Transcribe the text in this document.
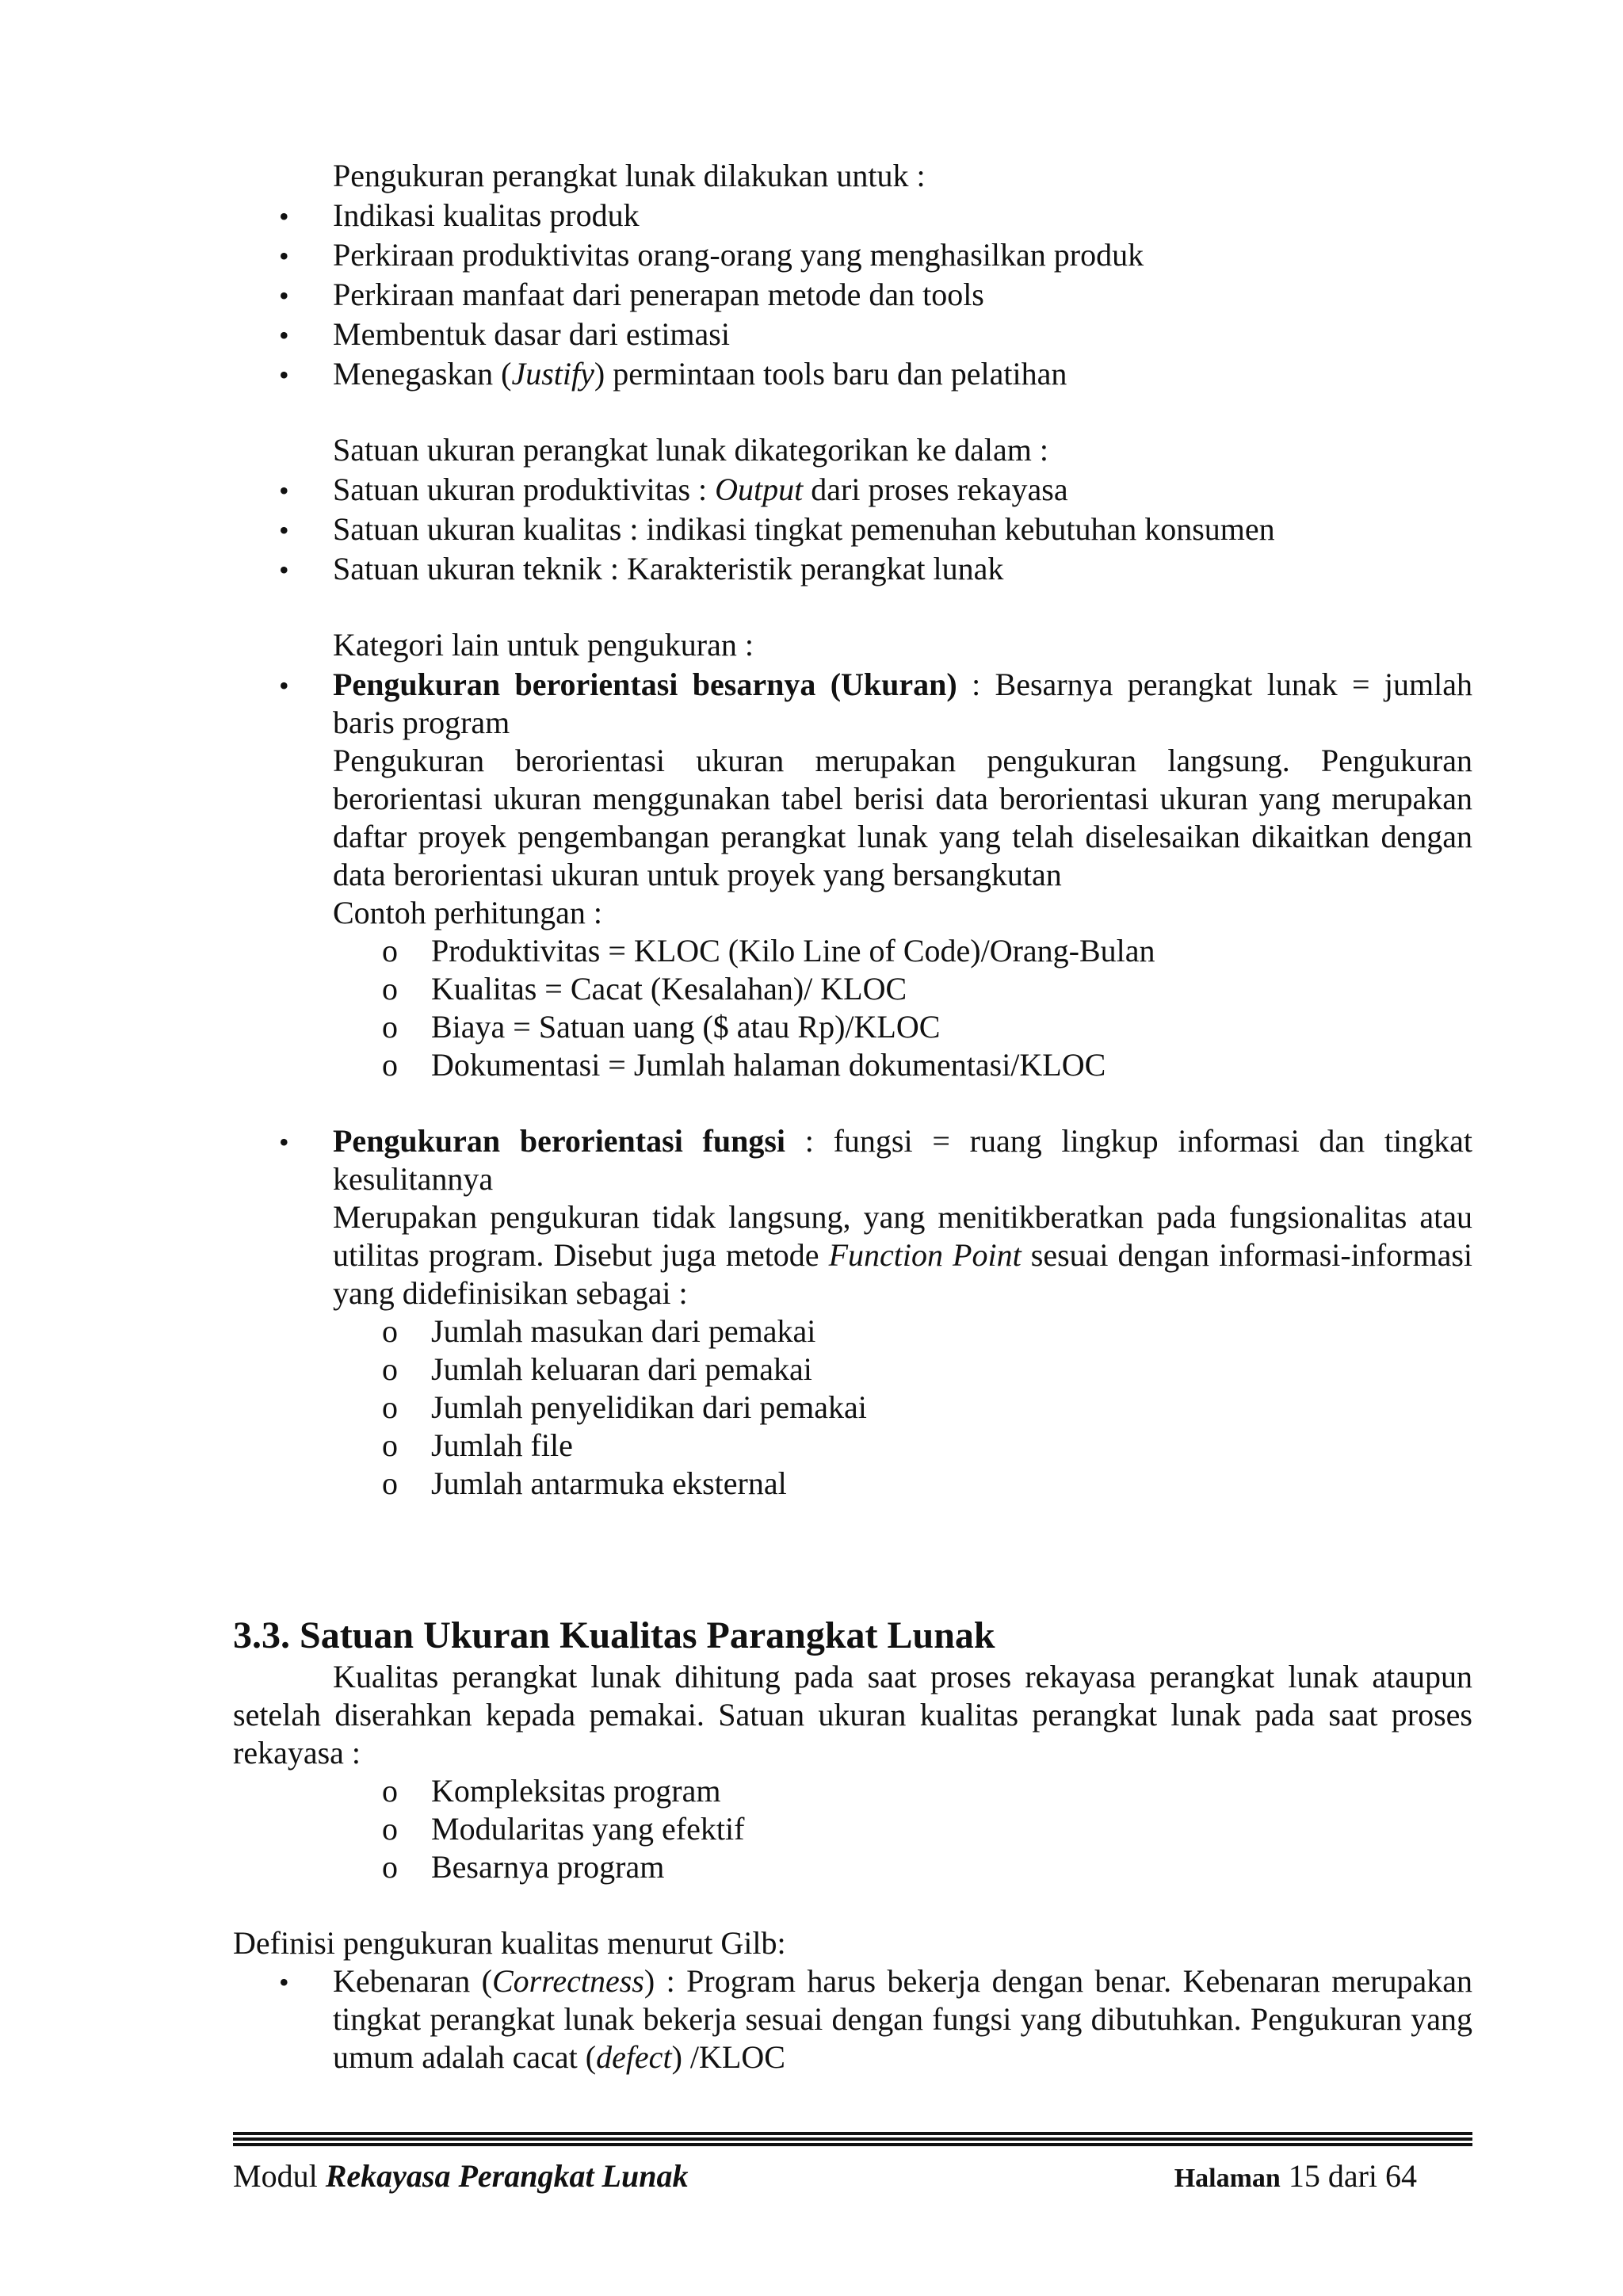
Pengukuran perangkat lunak dilakukan untuk :

•
Indikasi kualitas produk
•
Perkiraan produktivitas orang-orang yang menghasilkan produk
•
Perkiraan manfaat dari penerapan metode dan tools
•
Membentuk dasar dari estimasi
•
Menegaskan (Justify) permintaan tools baru dan pelatihan

Satuan ukuran perangkat lunak dikategorikan ke dalam :

•
Satuan ukuran produktivitas : Output dari proses rekayasa
•
Satuan ukuran kualitas : indikasi tingkat pemenuhan kebutuhan konsumen
•
Satuan ukuran teknik : Karakteristik perangkat lunak

Kategori lain untuk pengukuran :

•
Pengukuran berorientasi besarnya (Ukuran) : Besarnya perangkat lunak = jumlah baris program
Pengukuran berorientasi ukuran merupakan pengukuran langsung. Pengukuran berorientasi ukuran menggunakan tabel berisi data berorientasi ukuran yang merupakan daftar proyek pengembangan perangkat lunak yang telah diselesaikan dikaitkan dengan data berorientasi ukuran untuk proyek yang bersangkutan
Contoh perhitungan :
o Produktivitas = KLOC (Kilo Line of Code)/Orang-Bulan
o Kualitas = Cacat (Kesalahan)/ KLOC
o Biaya = Satuan uang ($ atau Rp)/KLOC
o Dokumentasi = Jumlah halaman dokumentasi/KLOC
•
Pengukuran berorientasi fungsi : fungsi = ruang lingkup informasi dan tingkat kesulitannya
Merupakan pengukuran tidak langsung, yang menitikberatkan pada fungsionalitas atau utilitas program. Disebut juga metode Function Point sesuai dengan informasi-informasi yang didefinisikan sebagai :
o Jumlah masukan dari pemakai
o Jumlah keluaran dari pemakai
o Jumlah penyelidikan dari pemakai
o Jumlah file
o Jumlah antarmuka eksternal
3.3. Satuan Ukuran Kualitas Parangkat Lunak
Kualitas perangkat lunak dihitung pada saat proses rekayasa perangkat lunak ataupun setelah diserahkan kepada pemakai. Satuan ukuran kualitas perangkat lunak pada saat proses rekayasa :
o Kompleksitas program
o Modularitas yang efektif
o Besarnya program
Definisi pengukuran kualitas menurut Gilb:
•
Kebenaran (Correctness) : Program harus bekerja dengan benar. Kebenaran merupakan tingkat perangkat lunak bekerja sesuai dengan fungsi yang dibutuhkan. Pengukuran yang umum adalah cacat (defect) /KLOC
Modul Rekayasa Perangkat Lunak	Halaman 15 dari 64
